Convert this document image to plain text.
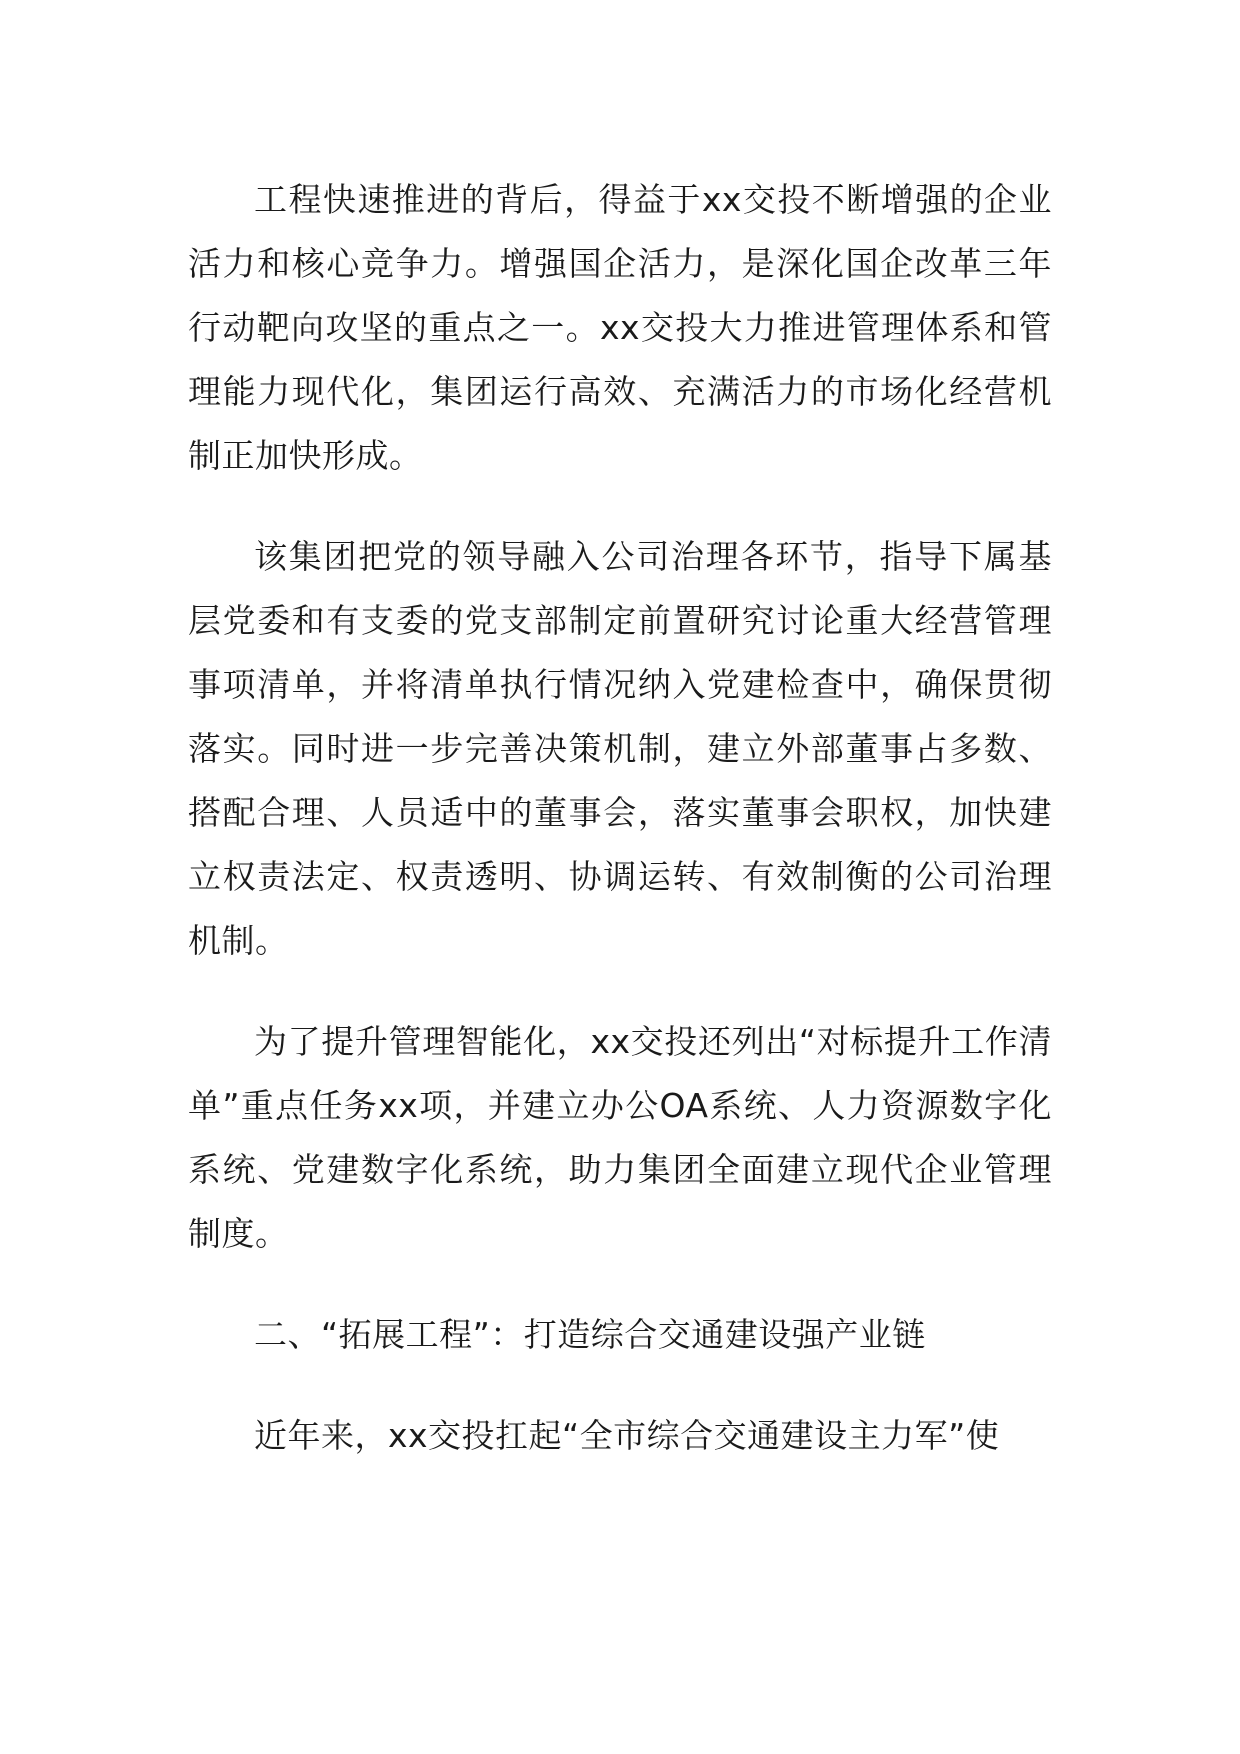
工程快速推进的背后，得益于xx交投不断增强的企业活力和核心竞争力。增强国企活力，是深化国企改革三年行动靶向攻坚的重点之一。xx交投大力推进管理体系和管理能力现代化，集团运行高效、充满活力的市场化经营机制正加快形成。

该集团把党的领导融入公司治理各环节，指导下属基层党委和有支委的党支部制定前置研究讨论重大经营管理事项清单，并将清单执行情况纳入党建检查中，确保贯彻落实。同时进一步完善决策机制，建立外部董事占多数、搭配合理、人员适中的董事会，落实董事会职权，加快建立权责法定、权责透明、协调运转、有效制衡的公司治理机制。

为了提升管理智能化，xx交投还列出“对标提升工作清单”重点任务xx项，并建立办公OA系统、人力资源数字化系统、党建数字化系统，助力集团全面建立现代企业管理制度。

二、“拓展工程”：打造综合交通建设强产业链

近年来，xx交投扛起“全市综合交通建设主力军”使
